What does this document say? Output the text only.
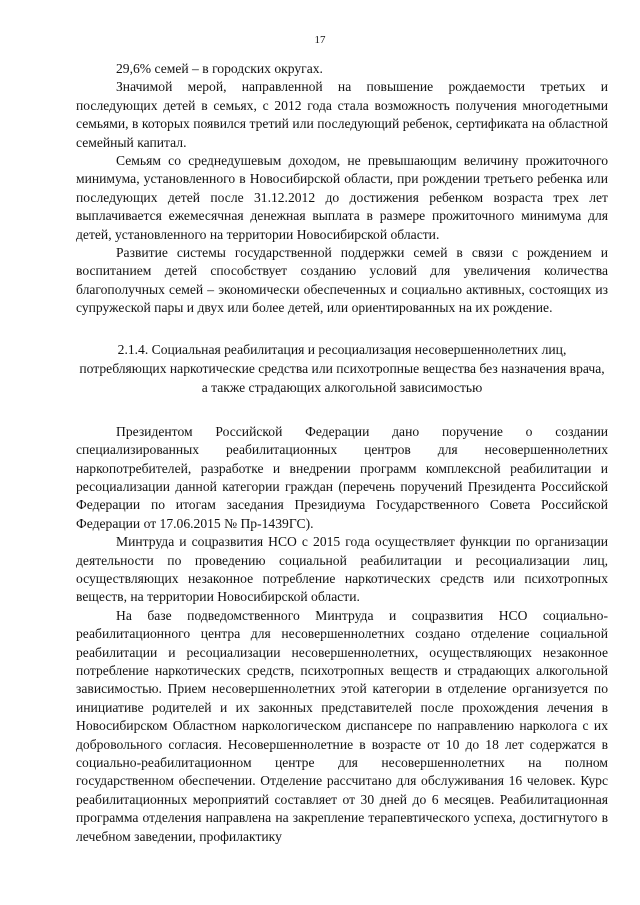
17

29,6% семей – в городских округах.

Значимой мерой, направленной на повышение рождаемости третьих и последующих детей в семьях, с 2012 года стала возможность получения многодетными семьями, в которых появился третий или последующий ребенок, сертификата на областной семейный капитал.

Семьям со среднедушевым доходом, не превышающим величину прожиточного минимума, установленного в Новосибирской области, при рождении третьего ребенка или последующих детей после 31.12.2012 до достижения ребенком возраста трех лет выплачивается ежемесячная денежная выплата в размере прожиточного минимума для детей, установленного на территории Новосибирской области.

Развитие системы государственной поддержки семей в связи с рождением и воспитанием детей способствует созданию условий для увеличения количества благополучных семей – экономически обеспеченных и социально активных, состоящих из супружеской пары и двух или более детей, или ориентированных на их рождение.

2.1.4. Социальная реабилитация и ресоциализация несовершеннолетних лиц, потребляющих наркотические средства или психотропные вещества без назначения врача, а также страдающих алкогольной зависимостью

Президентом Российской Федерации дано поручение о создании специализированных реабилитационных центров для несовершеннолетних наркопотребителей, разработке и внедрении программ комплексной реабилитации и ресоциализации данной категории граждан (перечень поручений Президента Российской Федерации по итогам заседания Президиума Государственного Совета Российской Федерации от 17.06.2015 № Пр-1439ГС).

Минтруда и соцразвития НСО с 2015 года осуществляет функции по организации деятельности по проведению социальной реабилитации и ресоциализации лиц, осуществляющих незаконное потребление наркотических средств или психотропных веществ, на территории Новосибирской области.

На базе подведомственного Минтруда и соцразвития НСО социально-реабилитационного центра для несовершеннолетних создано отделение социальной реабилитации и ресоциализации несовершеннолетних, осуществляющих незаконное потребление наркотических средств, психотропных веществ и страдающих алкогольной зависимостью. Прием несовершеннолетних этой категории в отделение организуется по инициативе родителей и их законных представителей после прохождения лечения в Новосибирском Областном наркологическом диспансере по направлению нарколога с их добровольного согласия. Несовершеннолетние в возрасте от 10 до 18 лет содержатся в социально-реабилитационном центре для несовершеннолетних на полном государственном обеспечении. Отделение рассчитано для обслуживания 16 человек. Курс реабилитационных мероприятий составляет от 30 дней до 6 месяцев. Реабилитационная программа отделения направлена на закрепление терапевтического успеха, достигнутого в лечебном заведении, профилактику
